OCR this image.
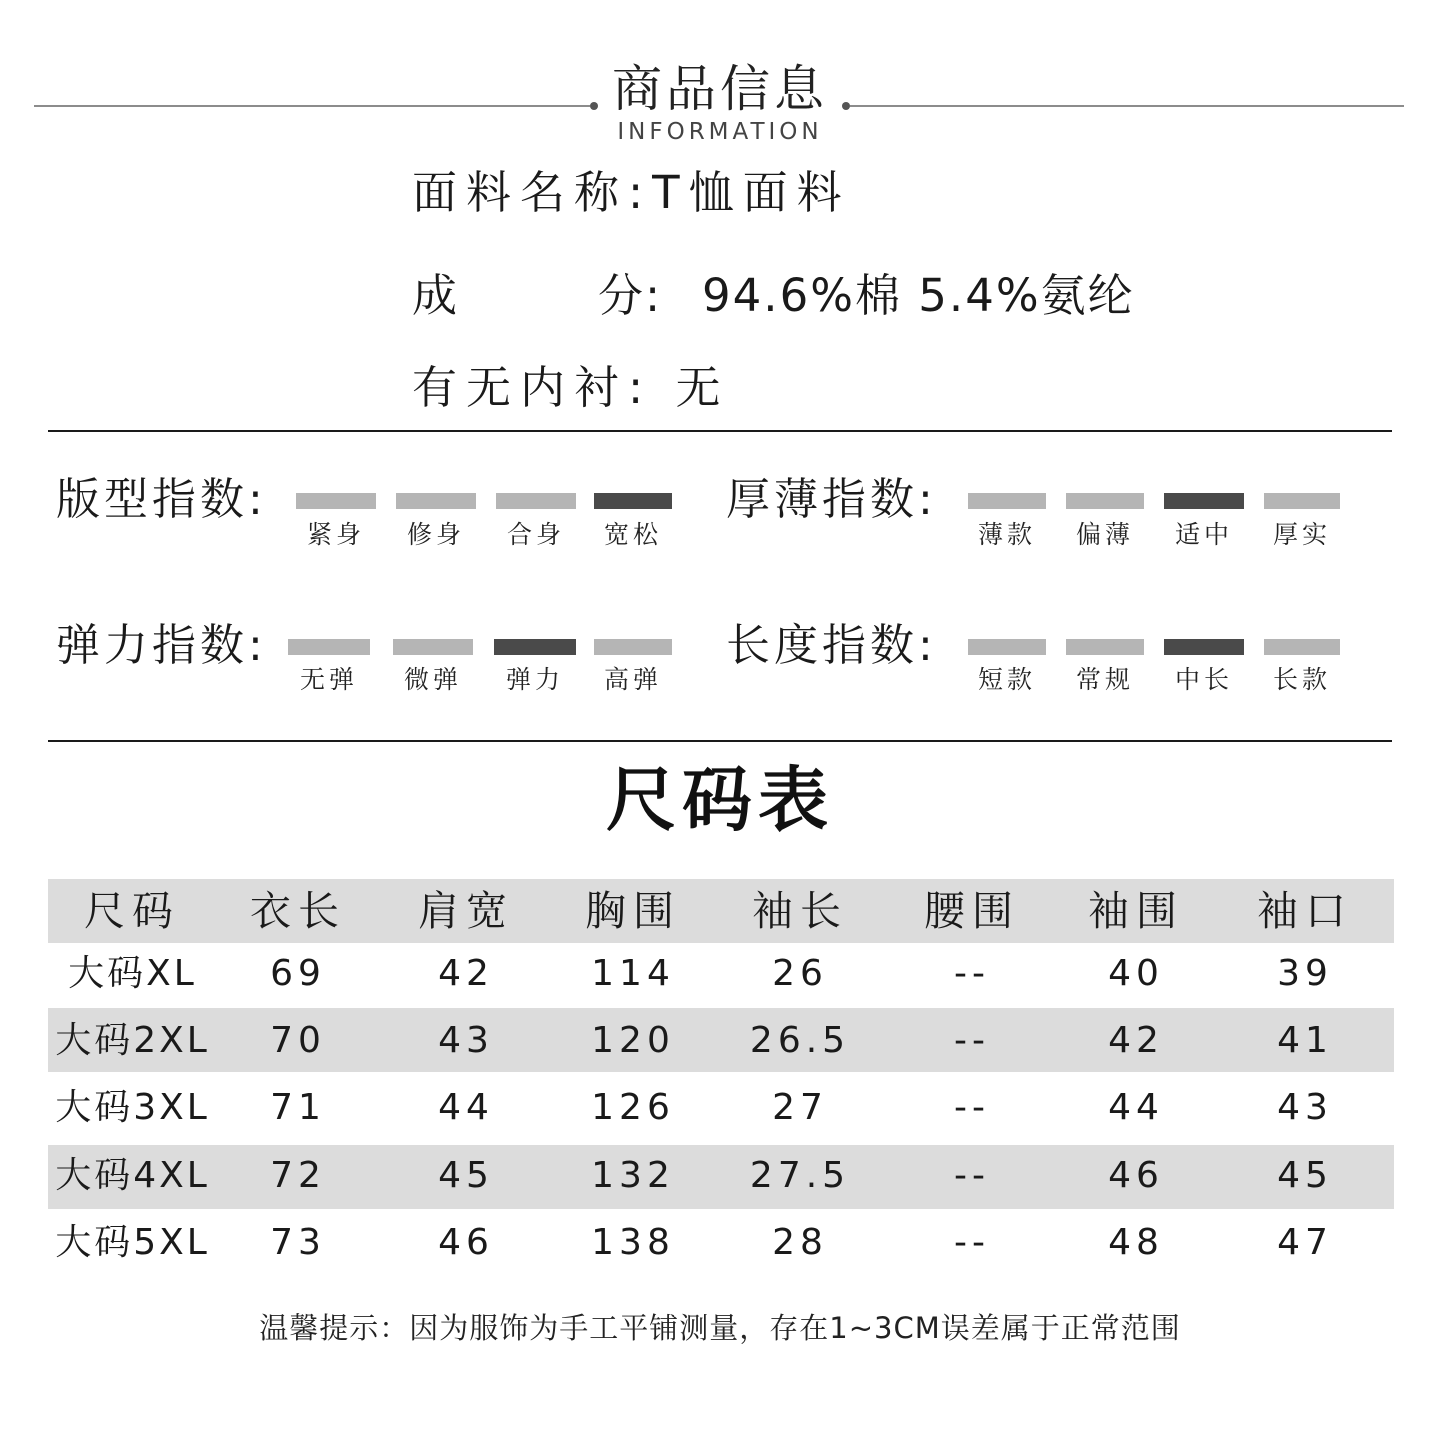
商品信息
INFORMATION
面料名称:T恤面料
成	分: 94.6%棉 5.4%氨纶
有无内衬: 无
版型指数:
紧身	修身	合身	宽松
厚薄指数:
薄款	偏薄	适中	厚实
弹力指数:
无弹	微弹	弹力	高弹
长度指数:
短款	常规	中长	长款
尺码表
尺码	衣长	肩宽	胸围	袖长	腰围	袖围	袖口
大码XL	69	42	114	26	--	40	39
大码2XL	70	43	120	26.5	--	42	41
大码3XL	71	44	126	27	--	44	43
大码4XL	72	45	132	27.5	--	46	45
大码5XL	73	46	138	28	--	48	47
温馨提示：因为服饰为手工平铺测量，存在1~3CM误差属于正常范围
